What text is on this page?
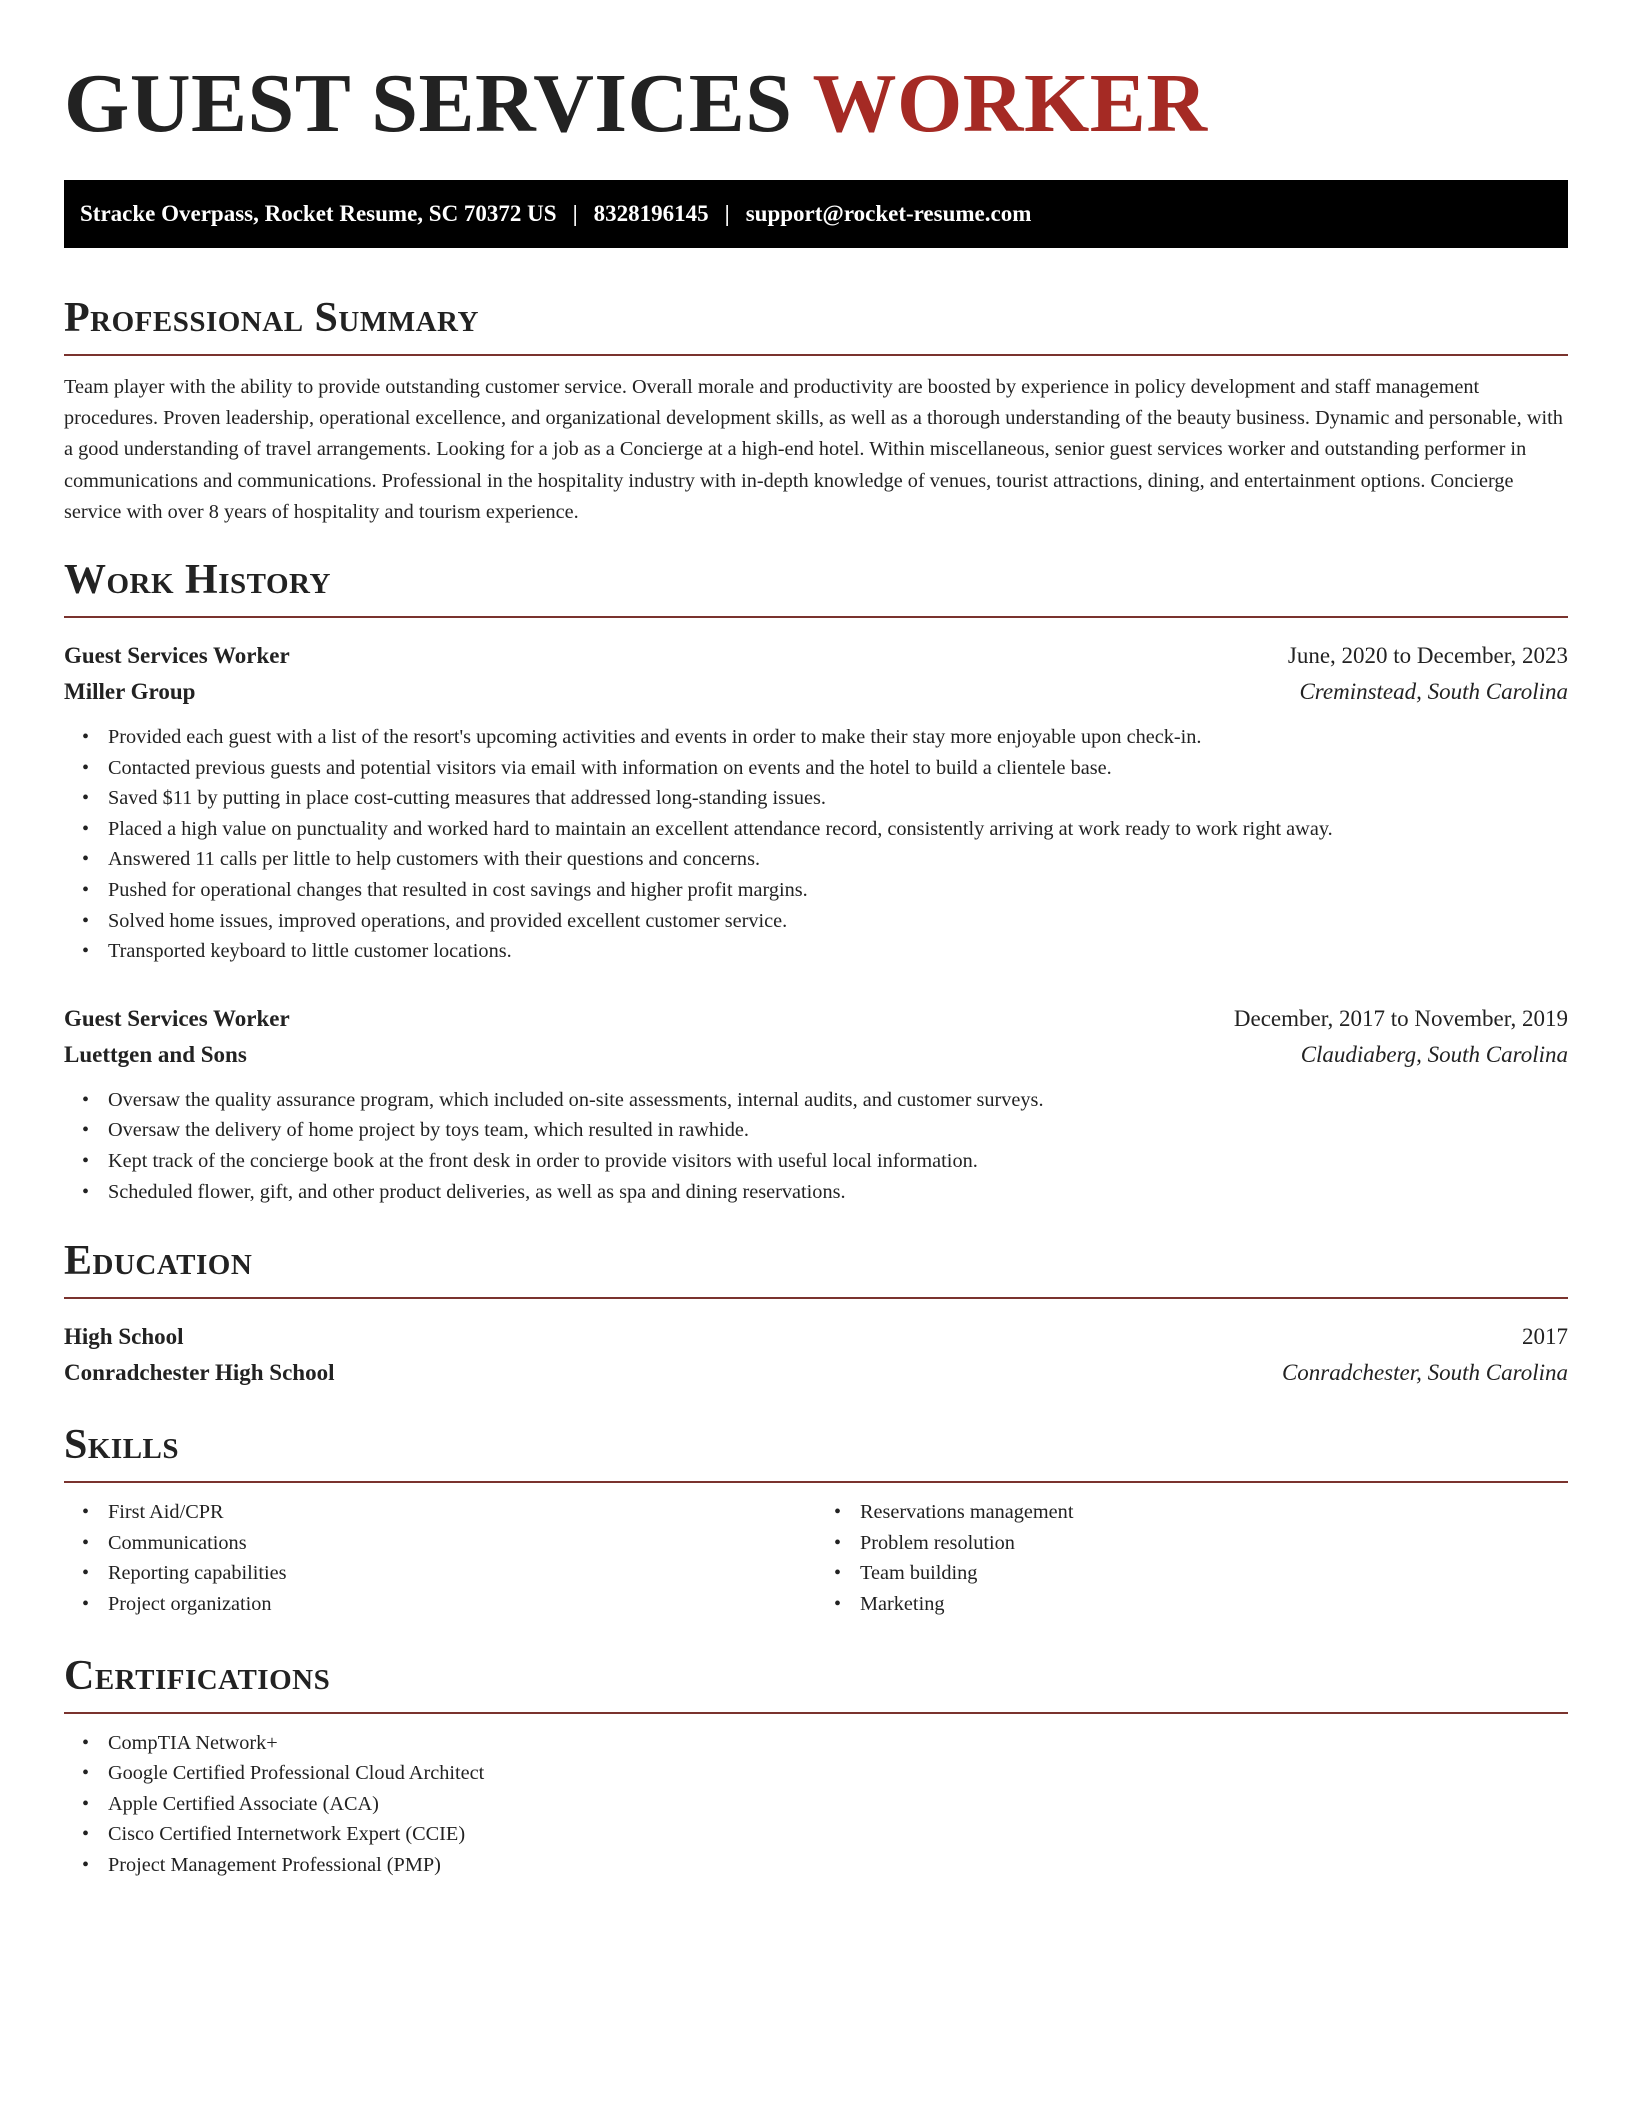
GUEST SERVICES WORKER
Stracke Overpass, Rocket Resume, SC 70372 US | 8328196145 | support@rocket-resume.com
Professional Summary

Team player with the ability to provide outstanding customer service. Overall morale and productivity are boosted by experience in policy development and staff management procedures. Proven leadership, operational excellence, and organizational development skills, as well as a thorough understanding of the beauty business. Dynamic and personable, with a good understanding of travel arrangements. Looking for a job as a Concierge at a high-end hotel. Within miscellaneous, senior guest services worker and outstanding performer in communications and communications. Professional in the hospitality industry with in-depth knowledge of venues, tourist attractions, dining, and entertainment options. Concierge service with over 8 years of hospitality and tourism experience.

Work History
Guest Services Worker	June, 2020 to December, 2023
Miller Group	Creminstead, South Carolina
• Provided each guest with a list of the resort's upcoming activities and events in order to make their stay more enjoyable upon check-in.
• Contacted previous guests and potential visitors via email with information on events and the hotel to build a clientele base.
• Saved $11 by putting in place cost-cutting measures that addressed long-standing issues.
• Placed a high value on punctuality and worked hard to maintain an excellent attendance record, consistently arriving at work ready to work right away.
• Answered 11 calls per little to help customers with their questions and concerns.
• Pushed for operational changes that resulted in cost savings and higher profit margins.
• Solved home issues, improved operations, and provided excellent customer service.
• Transported keyboard to little customer locations.
Guest Services Worker	December, 2017 to November, 2019
Luettgen and Sons	Claudiaberg, South Carolina
• Oversaw the quality assurance program, which included on-site assessments, internal audits, and customer surveys.
• Oversaw the delivery of home project by toys team, which resulted in rawhide.
• Kept track of the concierge book at the front desk in order to provide visitors with useful local information.
• Scheduled flower, gift, and other product deliveries, as well as spa and dining reservations.
Education
High School	2017
Conradchester High School	Conradchester, South Carolina
Skills
• First Aid/CPR
• Communications
• Reporting capabilities
• Project organization
• Reservations management
• Problem resolution
• Team building
• Marketing
Certifications
• CompTIA Network+
• Google Certified Professional Cloud Architect
• Apple Certified Associate (ACA)
• Cisco Certified Internetwork Expert (CCIE)
• Project Management Professional (PMP)
